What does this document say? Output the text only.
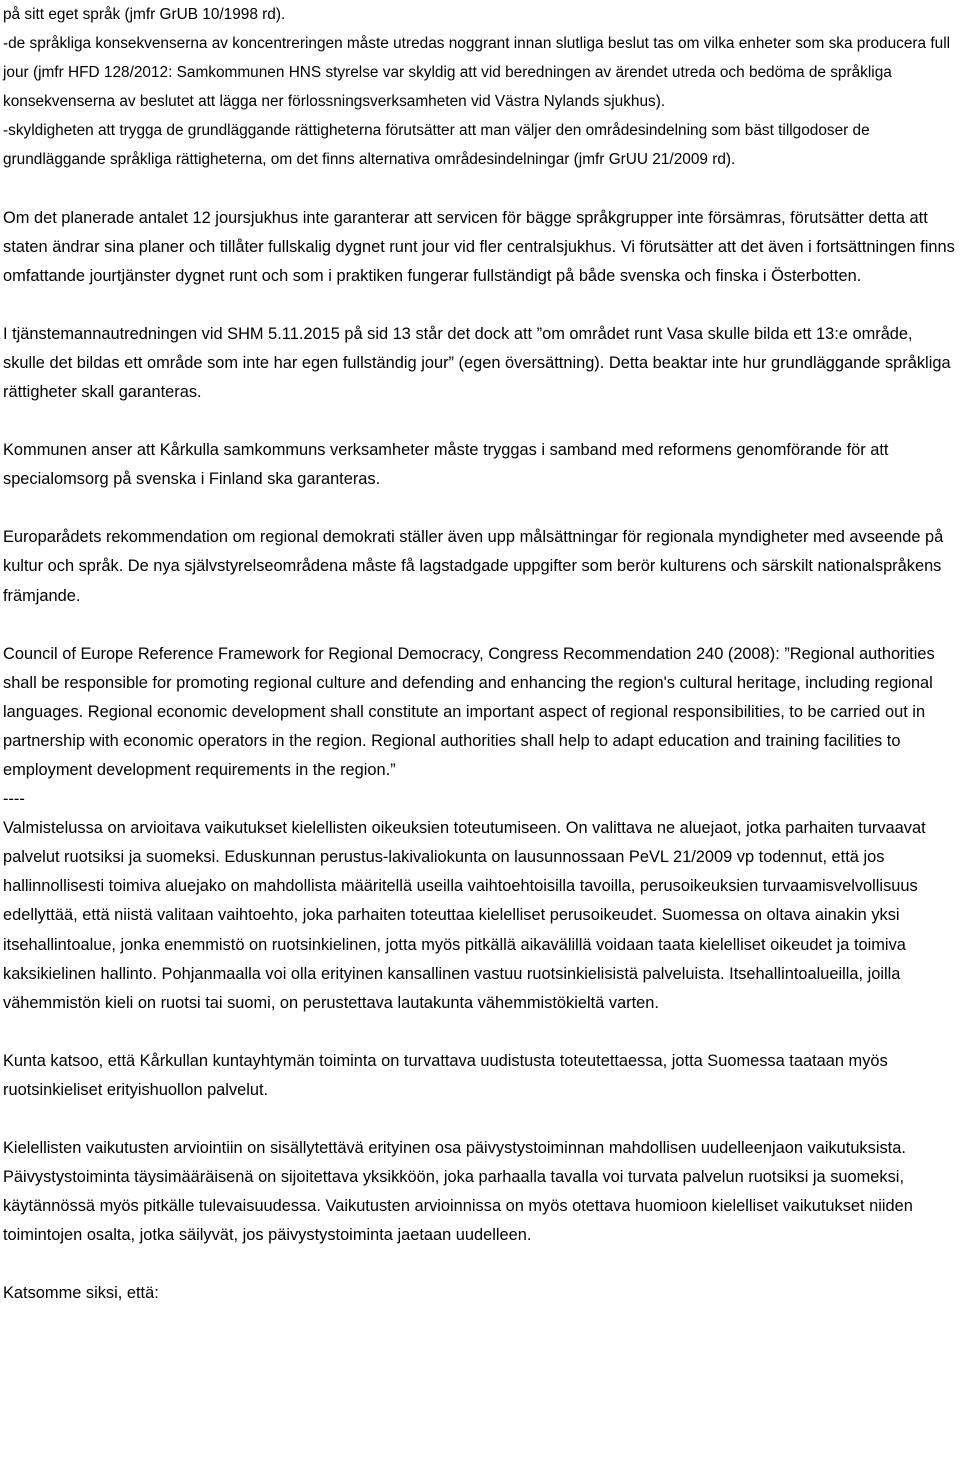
på sitt eget språk (jmfr GrUB 10/1998 rd).
-de språkliga konsekvenserna av koncentreringen måste utredas noggrant innan slutliga beslut tas om vilka enheter som ska producera full jour (jmfr HFD 128/2012: Samkommunen HNS styrelse var skyldig att vid beredningen av ärendet utreda och bedöma de språkliga konsekvenserna av beslutet att lägga ner förlossningsverksamheten vid Västra Nylands sjukhus).
-skyldigheten att trygga de grundläggande rättigheterna förutsätter att man väljer den områdesindelning som bäst tillgodoser de grundläggande språkliga rättigheterna, om det finns alternativa områdesindelningar (jmfr GrUU 21/2009 rd).
Om det planerade antalet 12 joursjukhus inte garanterar att servicen för bägge språkgrupper inte försämras, förutsätter detta att staten ändrar sina planer och tillåter fullskalig dygnet runt jour vid fler centralsjukhus. Vi förutsätter att det även i fortsättningen finns omfattande jourtjänster dygnet runt och som i praktiken fungerar fullständigt på både svenska och finska i Österbotten.
I tjänstemannautredningen vid SHM 5.11.2015 på sid 13 står det dock att ”om området runt Vasa skulle bilda ett 13:e område, skulle det bildas ett område som inte har egen fullständig jour” (egen översättning). Detta beaktar inte hur grundläggande språkliga rättigheter skall garanteras.
Kommunen anser att Kårkulla samkommuns verksamheter måste tryggas i samband med reformens genomförande för att specialomsorg på svenska i Finland ska garanteras.
Europarådets rekommendation om regional demokrati ställer även upp målsättningar för regionala myndigheter med avseende på kultur och språk. De nya självstyrelseområdena måste få lagstadgade uppgifter som berör kulturens och särskilt nationalspråkens främjande.
Council of Europe Reference Framework for Regional Democracy, Congress Recommendation 240 (2008): ”Regional authorities shall be responsible for promoting regional culture and defending and enhancing the region's cultural heritage, including regional languages. Regional economic development shall constitute an important aspect of regional responsibilities, to be carried out in partnership with economic operators in the region. Regional authorities shall help to adapt education and training facilities to employment development requirements in the region.”
----
Valmistelussa on arvioitava vaikutukset kielellisten oikeuksien toteutumiseen. On valittava ne aluejaot, jotka parhaiten turvaavat palvelut ruotsiksi ja suomeksi. Eduskunnan perustus-lakivaliokunta on lausunnossaan PeVL 21/2009 vp todennut, että jos hallinnollisesti toimiva aluejako on mahdollista määritellä useilla vaihtoehtoisilla tavoilla, perusoikeuksien turvaamisvelvollisuus edellyttää, että niistä valitaan vaihtoehto, joka parhaiten toteuttaa kielelliset perusoikeudet. Suomessa on oltava ainakin yksi itsehallintoalue, jonka enemmistö on ruotsinkielinen, jotta myös pitkällä aikavälillä voidaan taata kielelliset oikeudet ja toimiva kaksikielinen hallinto. Pohjanmaalla voi olla erityinen kansallinen vastuu ruotsinkielisistä palveluista. Itsehallintoalueilla, joilla vähemmistön kieli on ruotsi tai suomi, on perustettava lautakunta vähemmistökieltä varten.
Kunta katsoo, että Kårkullan kuntayhtymän toiminta on turvattava uudistusta toteutettaessa, jotta Suomessa taataan myös ruotsinkieliset erityishuollon palvelut.
Kielellisten vaikutusten arviointiin on sisällytettävä erityinen osa päivystystoiminnan mahdollisen uudelleenjaon vaikutuksista. Päivystystoiminta täysimääräisenä on sijoitettava yksikköön, joka parhaalla tavalla voi turvata palvelun ruotsiksi ja suomeksi, käytännössä myös pitkälle tulevaisuudessa. Vaikutusten arvioinnissa on myös otettava huomioon kielelliset vaikutukset niiden toimintojen osalta, jotka säilyvät, jos päivystystoiminta jaetaan uudelleen.
Katsomme siksi, että:
